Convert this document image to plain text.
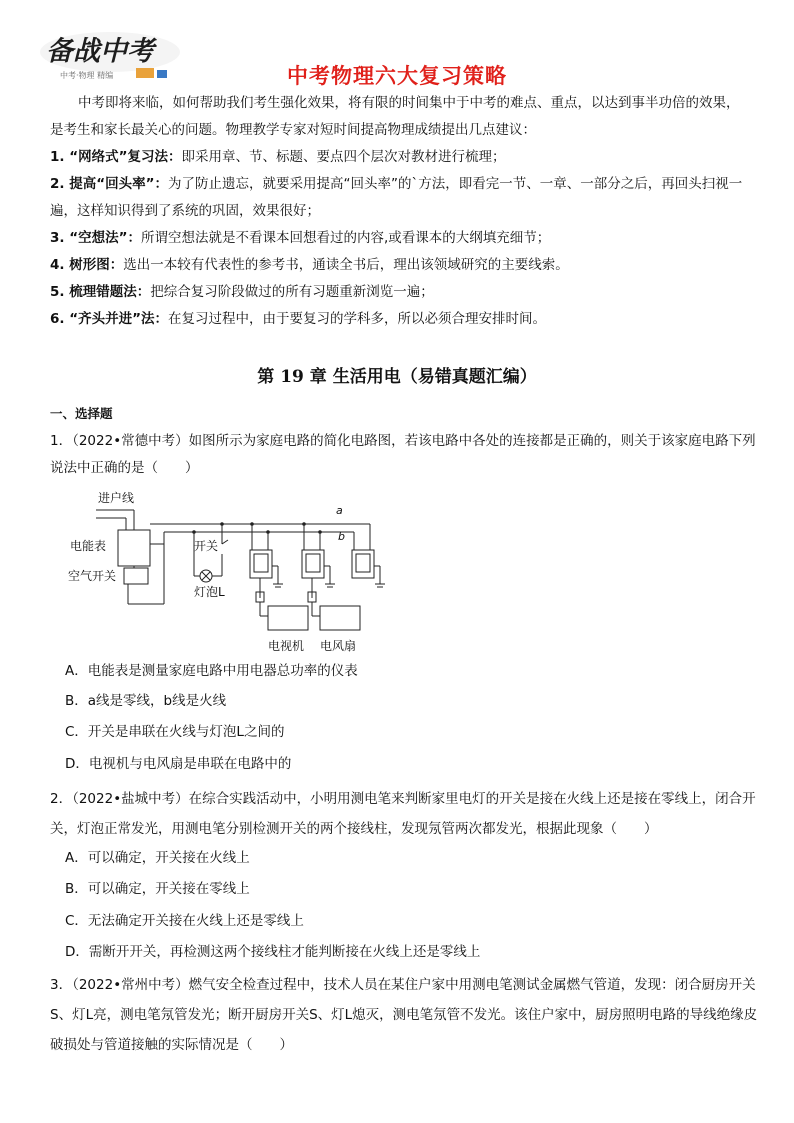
备战中考
中考·物理 精编	中考物理六大复习策略
中考即将来临，如何帮助我们考生强化效果，将有限的时间集中于中考的难点、重点，以达到事半功倍的效果，是考生和家长最关心的问题。物理教学专家对短时间提高物理成绩提出几点建议：
1. “网络式”复习法：即采用章、节、标题、要点四个层次对教材进行梳理；
2. 提高“回头率”：为了防止遗忘，就要采用提高“回头率”的`方法，即看完一节、一章、一部分之后，再回头扫视一遍，这样知识得到了系统的巩固，效果很好；
3. “空想法”：所谓空想法就是不看课本回想看过的内容,或看课本的大纲填充细节；
4. 树形图：选出一本较有代表性的参考书，通读全书后，理出该领域研究的主要线索。
5. 梳理错题法：把综合复习阶段做过的所有习题重新浏览一遍；
6. “齐头并进”法：在复习过程中，由于要复习的学科多，所以必须合理安排时间。
第 19 章 生活用电（易错真题汇编）
一、选择题
1．（2022•常德中考）如图所示为家庭电路的简化电路图，若该电路中各处的连接都是正确的，则关于该家庭电路下列说法中正确的是（　　）
进户线
电能表
空气开关
开关
灯泡L
a
b
电视机 电风扇
A．电能表是测量家庭电路中用电器总功率的仪表
B．a线是零线，b线是火线
C．开关是串联在火线与灯泡L之间的
D．电视机与电风扇是串联在电路中的
2．（2022•盐城中考）在综合实践活动中，小明用测电笔来判断家里电灯的开关是接在火线上还是接在零线上，闭合开关，灯泡正常发光，用测电笔分别检测开关的两个接线柱，发现氖管两次都发光，根据此现象（　　）
A．可以确定，开关接在火线上
B．可以确定，开关接在零线上
C．无法确定开关接在火线上还是零线上
D．需断开开关，再检测这两个接线柱才能判断接在火线上还是零线上
3．（2022•常州中考）燃气安全检查过程中，技术人员在某住户家中用测电笔测试金属燃气管道，发现：闭合厨房开关S、灯L亮，测电笔氖管发光；断开厨房开关S、灯L熄灭，测电笔氖管不发光。该住户家中，厨房照明电路的导线绝缘皮破损处与管道接触的实际情况是（　　）
